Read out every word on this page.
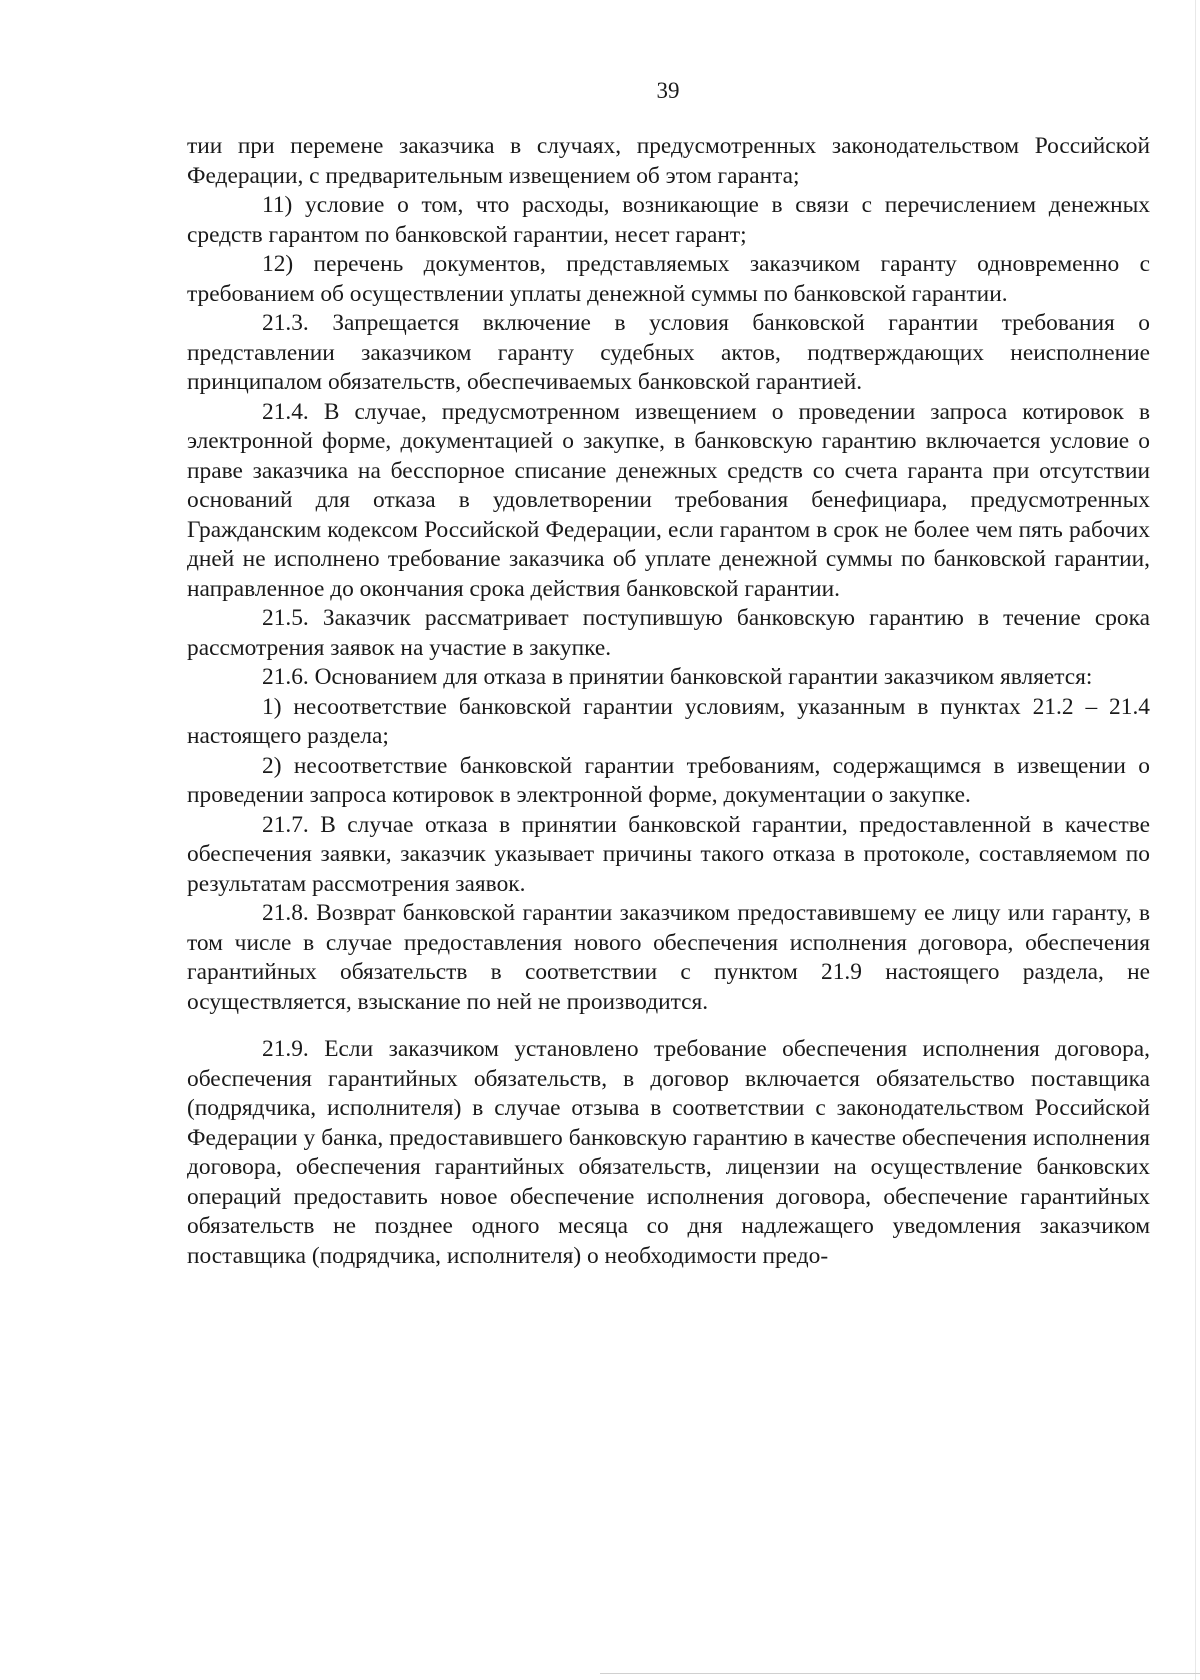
39

тии при перемене заказчика в случаях, предусмотренных законодательством Российской Федерации, с предварительным извещением об этом гаранта;

11) условие о том, что расходы, возникающие в связи с перечислением денежных средств гарантом по банковской гарантии, несет гарант;

12) перечень документов, представляемых заказчиком гаранту одновременно с требованием об осуществлении уплаты денежной суммы по банковской гарантии.

21.3. Запрещается включение в условия банковской гарантии требования о представлении заказчиком гаранту судебных актов, подтверждающих неисполнение принципалом обязательств, обеспечиваемых банковской гарантией.

21.4. В случае, предусмотренном извещением о проведении запроса котировок в электронной форме, документацией о закупке, в банковскую гарантию включается условие о праве заказчика на бесспорное списание денежных средств со счета гаранта при отсутствии оснований для отказа в удовлетворении требования бенефициара, предусмотренных Гражданским кодексом Российской Федерации, если гарантом в срок не более чем пять рабочих дней не исполнено требование заказчика об уплате денежной суммы по банковской гарантии, направленное до окончания срока действия банковской гарантии.

21.5. Заказчик рассматривает поступившую банковскую гарантию в течение срока рассмотрения заявок на участие в закупке.

21.6. Основанием для отказа в принятии банковской гарантии заказчиком является:

1) несоответствие банковской гарантии условиям, указанным в пунктах 21.2 – 21.4 настоящего раздела;

2) несоответствие банковской гарантии требованиям, содержащимся в извещении о проведении запроса котировок в электронной форме, документации о закупке.

21.7. В случае отказа в принятии банковской гарантии, предоставленной в качестве обеспечения заявки, заказчик указывает причины такого отказа в протоколе, составляемом по результатам рассмотрения заявок.

21.8. Возврат банковской гарантии заказчиком предоставившему ее лицу или гаранту, в том числе в случае предоставления нового обеспечения исполнения договора, обеспечения гарантийных обязательств в соответствии с пунктом 21.9 настоящего раздела, не осуществляется, взыскание по ней не производится.

21.9. Если заказчиком установлено требование обеспечения исполнения договора, обеспечения гарантийных обязательств, в договор включается обязательство поставщика (подрядчика, исполнителя) в случае отзыва в соответствии с законодательством Российской Федерации у банка, предоставившего банковскую гарантию в качестве обеспечения исполнения договора, обеспечения гарантийных обязательств, лицензии на осуществление банковских операций предоставить новое обеспечение исполнения договора, обеспечение гарантийных обязательств не позднее одного месяца со дня надлежащего уведомления заказчиком поставщика (подрядчика, исполнителя) о необходимости предо-
